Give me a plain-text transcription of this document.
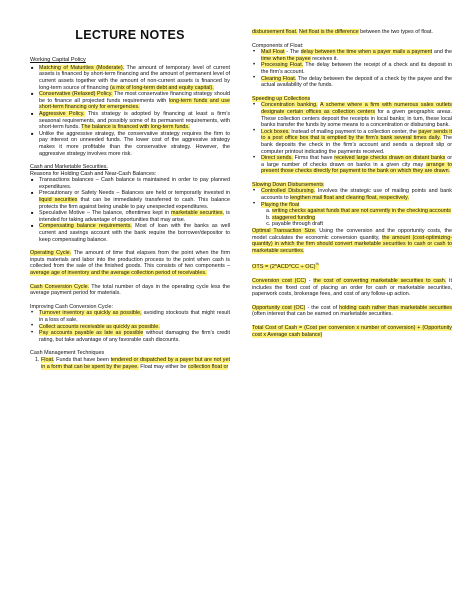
LECTURE NOTES
Working Capital Policy
■ Matching of Maturities (Moderate). The amount of temporary level of current assets is financed by short-term financing and the amount of permanent level of current assets together with the amount of non-current assets is financed by long-term source of financing (a mix of long-term debt and equity capital).
■ Conservative (Relaxed) Policy. The most conservative financing strategy should be to finance all projected funds requirements with long-term funds and use short-term financing only for emergencies.
■ Aggressive Policy. This strategy is adopted by financing at least a firm’s seasonal requirements, and possibly some of its permanent requirements, with short-term funds. The balance is financed with long-term funds.
■ Unlike the aggressive strategy, the conservative strategy requires the firm to pay interest on unneeded funds. The lower cost of the aggressive strategy makes it more profitable than the conservative strategy. However, the aggressive strategy involves more risk.
Cash and Marketable Securities.
Reasons for Holding Cash and Near-Cash Balances:
■ Transactions balances – Cash balance is maintained in order to pay planned expenditures.
■ Precautionary or Safety Needs – Balances are held or temporarily invested in liquid securities that can be immediately transferred to cash. This balance protects the firm against being unable to pay unexpected expenditures.
■ Speculative Motive – The balance, oftentimes kept in marketable securities, is intended for taking advantage of opportunities that may arise.
■ Compensating balance requirements. Most of loan with the banks as well current and savings account with the bank require the borrower/depositor to keep compensating balance.

Operating Cycle. The amount of time that elapses from the point when the firm inputs materials and labor into the production process to the point when cash is collected from the sale of the finished goods. This consists of two components – average age of inventory and the average collection period of receivables.

Cash Conversion Cycle. The total number of days in the operating cycle less the average payment period for materials.

Improving Cash Conversion Cycle:
• Turnover inventory as quickly as possible, avoiding stockouts that might result in a loss of sale.
• Collect accounts receivable as quickly as possible.
• Pay accounts payable as late as possible without damaging the firm’s credit rating, but take advantage of any favorable cash discounts.
Cash Management Techniques
1. Float. Funds that have been tendered or dispatched by a payer but are not yet in a form that can be spent by the payee. Float may either be collection float or

disbursement float. Net float is the difference between the two types of float.

Components of Float:
• Mail Float - The delay between the time when a payer mails a payment and the time when the payee receives it.
• Processing Float. The delay between the receipt of a check and its deposit in the firm’s account.
• Clearing Float. The delay between the deposit of a check by the payee and the actual availability of the funds.
Speeding up Collections
• Concentration banking. A scheme where a firm with numerous sales outlets designate certain offices as collection centers for a given geographic areas. These collection centers deposit the receipts in local banks; in turn, these local banks transfer the funds by some means to a concentration or disbursing bank.
• Lock boxes. Instead of mailing payment to a collection center, the payer sends it to a post office box that is emptied by the firm’s bank several times daily. The bank deposits the check in the firm’s account and sends a deposit slip or computer printout indicating the payments received.
• Direct sends. Firms that have received large checks drawn on distant banks or a large number of checks drawn on banks in a given city may arrange to present those checks directly for payment to the bank on which they are drawn.
Slowing Down Disbursements
• Controlled Disbursing. Involves the strategic use of mailing points and bank accounts to lengthen mail float and clearing float, respectively.
• Playing the float
a. writing checks against funds that are not currently in the checking accounts
b. staggered funding
c. payable through draft

Optimal Transaction Size. Using the conversion and the opportunity costs, the model calculates the economic conversion quantity, the amount (cost-optimizing-quantity) in which the firm should convert marketable securities to cash or cash to marketable securities.

OTS = (2*ACD*CC ÷ OC)$^{\frac{1}{2}}$

Conversion cost (CC) - the cost of converting marketable securities to cash. It includes the fixed cost of placing an order for cash or marketable securities, paperwork costs, brokerage fees, and cost of any follow-up action.

Opportunity cost (OC) - the cost of holding cash rather than marketable securities (often interest that can be earned on marketable securities.

Total Cost of Cash = (Cost per conversion x number of conversion) + (Opportunity cost x Average cash balance)
